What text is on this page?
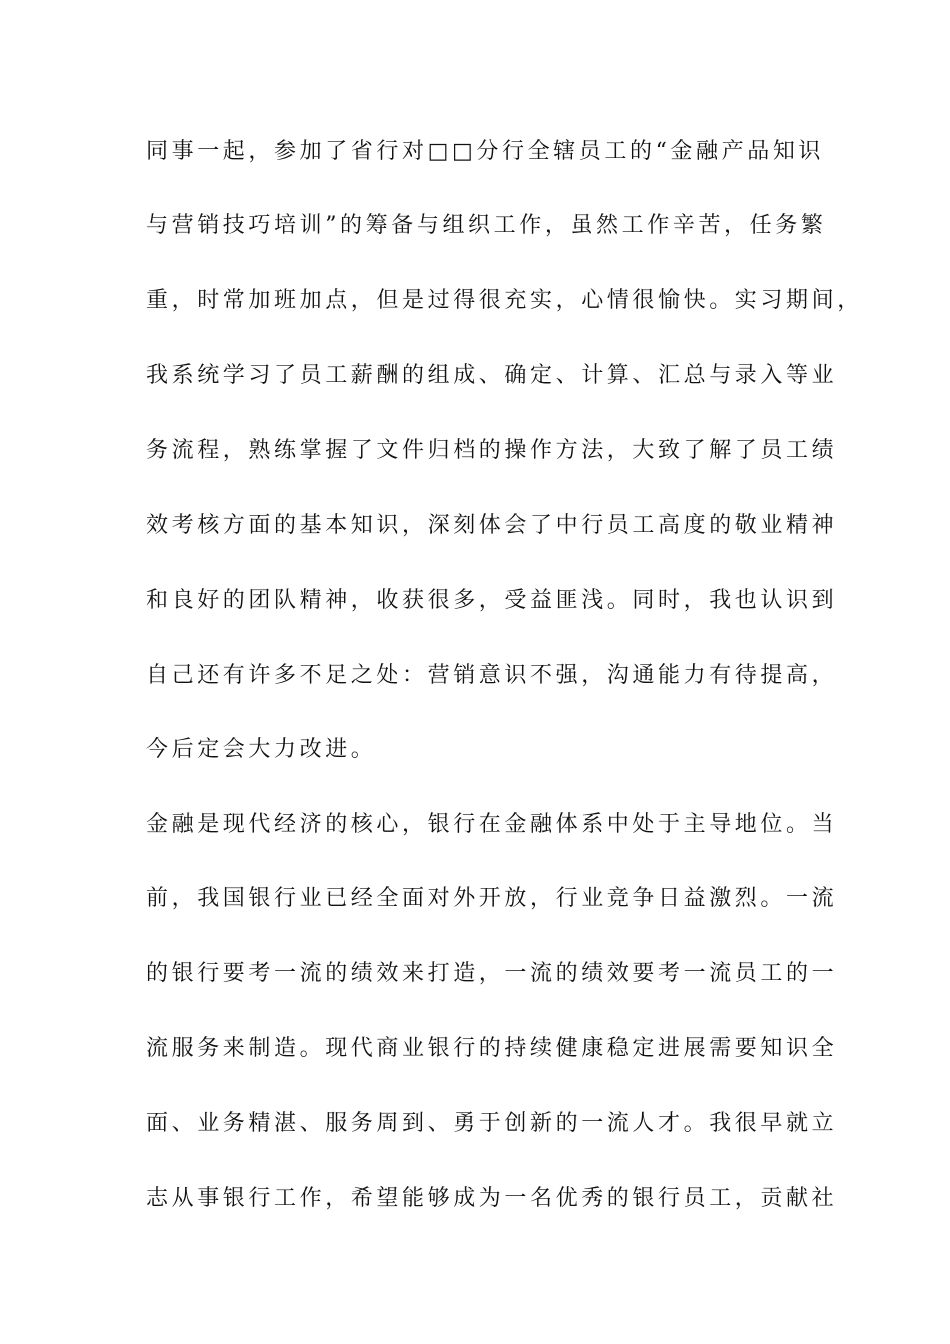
同事一起，参加了省行对□□分行全辖员工的“金融产品知识
与营销技巧培训”的筹备与组织工作，虽然工作辛苦，任务繁
重，时常加班加点，但是过得很充实，心情很愉快。实习期间，
我系统学习了员工薪酬的组成、确定、计算、汇总与录入等业
务流程，熟练掌握了文件归档的操作方法，大致了解了员工绩
效考核方面的基本知识，深刻体会了中行员工高度的敬业精神
和良好的团队精神，收获很多，受益匪浅。同时，我也认识到
自己还有许多不足之处：营销意识不强，沟通能力有待提高，
今后定会大力改进。
金融是现代经济的核心，银行在金融体系中处于主导地位。当
前，我国银行业已经全面对外开放，行业竞争日益激烈。一流
的银行要考一流的绩效来打造，一流的绩效要考一流员工的一
流服务来制造。现代商业银行的持续健康稳定进展需要知识全
面、业务精湛、服务周到、勇于创新的一流人才。我很早就立
志从事银行工作，希望能够成为一名优秀的银行员工，贡献社
